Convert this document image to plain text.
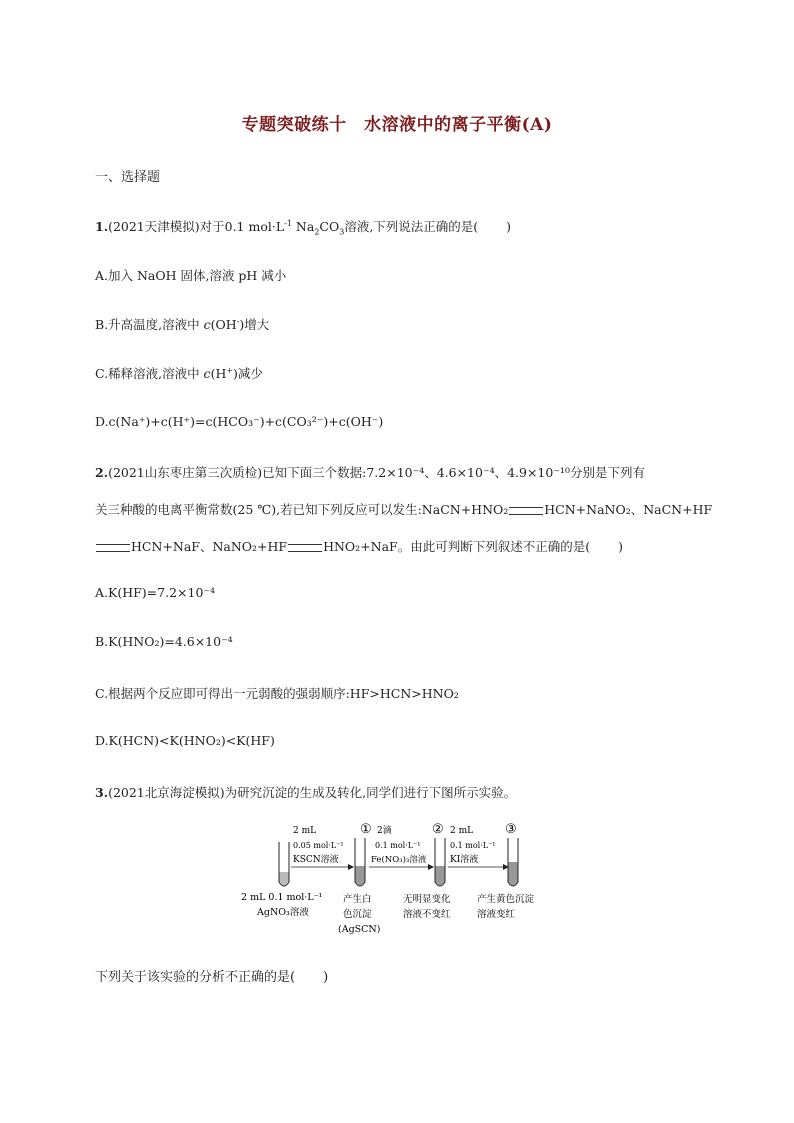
专题突破练十　水溶液中的离子平衡(A)
一、选择题
1.(2021天津模拟)对于0.1 $mol\cdot L^{-1}$ $Na_2CO_3$溶液,下列说法正确的是( )
A.加入 NaOH 固体,溶液 pH 减小
B.升高温度,溶液中 c(OH-)增大
C.稀释溶液,溶液中 c(H+)减少
D.c(Na⁺)+c(H⁺)=c(HCO₃⁻)+c(CO₃²⁻)+c(OH⁻)
2.(2021山东枣庄第三次质检)已知下面三个数据:7.2×10⁻⁴、4.6×10⁻⁴、4.9×10⁻¹⁰分别是下列有
关三种酸的电离平衡常数(25 ℃),若已知下列反应可以发生:NaCN+HNO₂	HCN+NaNO₂、NaCN+HF
HCN+NaF、NaNO₂+HF	HNO₂+NaF。由此可判断下列叙述不正确的是( )
A.K(HF)=7.2×10⁻⁴
B.K(HNO₂)=4.6×10⁻⁴
C.根据两个反应即可得出一元弱酸的强弱顺序:HF>HCN>HNO₂
D.K(HCN)<K(HNO₂)<K(HF)
3.(2021北京海淀模拟)为研究沉淀的生成及转化,同学们进行下图所示实验。
2 mL
0.05 mol·L⁻¹
KSCN溶液
① 2滴
0.1 mol·L⁻¹
Fe(NO₃)₃溶液
② 2 mL
0.1 mol·L⁻¹
KI溶液
③
2 mL 0.1 mol·L⁻¹
AgNO₃溶液
产生白
色沉淀
(AgSCN)
无明显变化
溶液不变红
产生黄色沉淀
溶液变红
下列关于该实验的分析不正确的是( )
